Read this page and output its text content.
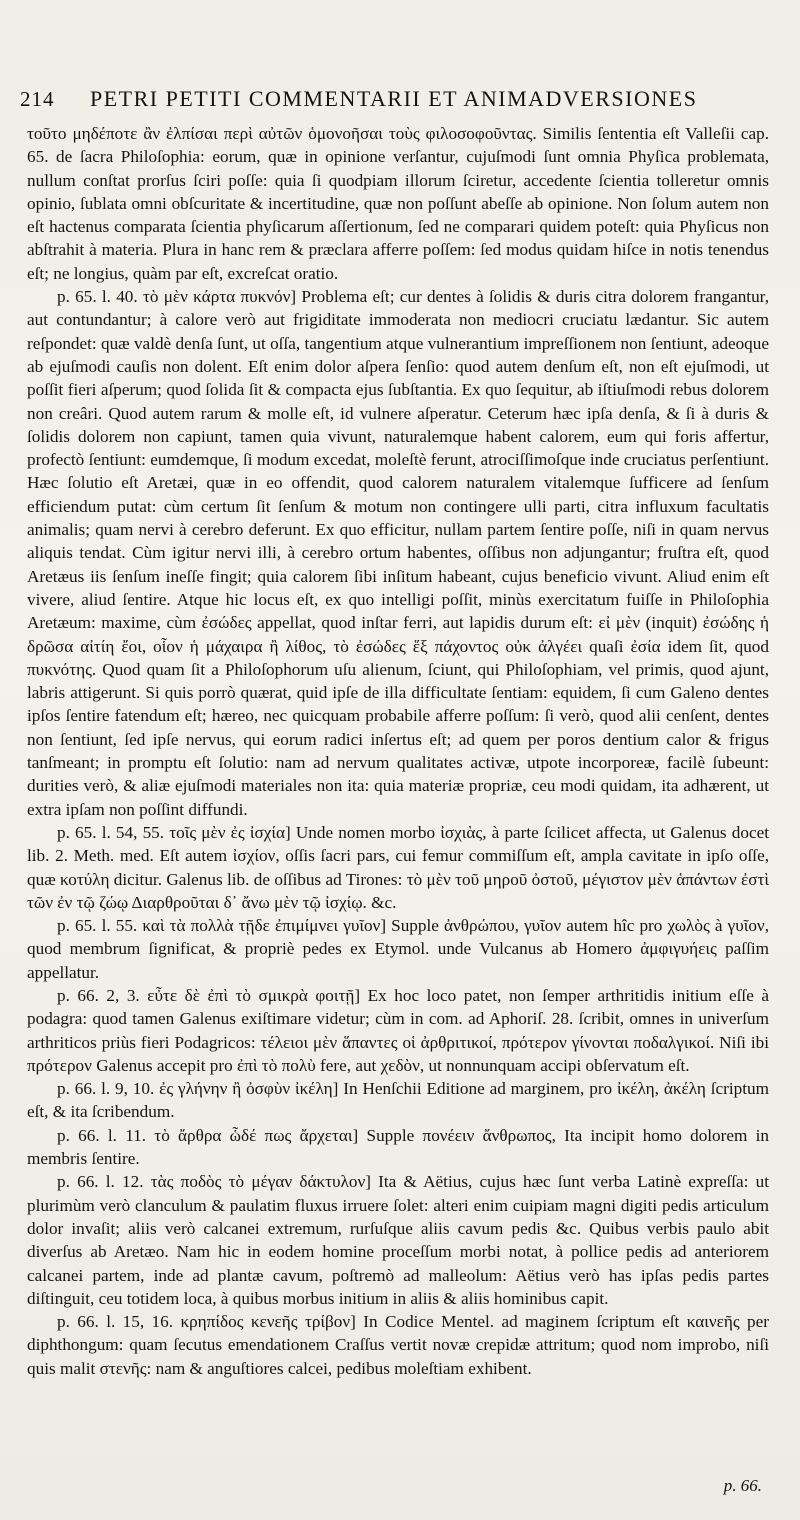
214	PETRI PETITI COMMENTARII ET ANIMADVERSIONES

τοῦτο μηδέποτε ἂν ἐλπίσαι περὶ αὐτῶν ὁμονοῆσαι τοὺς φιλοσοφοῦντας. Similis ſententia eſt Valleſii cap. 65. de ſacra Philoſophia: eorum, quæ in opinione verſantur, cujuſmodi ſunt omnia Phyſica problemata, nullum conſtat prorſus ſciri poſſe: quia ſi quodpiam illorum ſciretur, accedente ſcientia tolleretur omnis opinio, ſublata omni obſcuritate & incertitudine, quæ non poſſunt abeſſe ab opinione. Non ſolum autem non eſt hactenus comparata ſcientia phyſicarum aſſertionum, ſed ne comparari quidem poteſt: quia Phyſicus non abſtrahit à materia. Plura in hanc rem & præclara afferre poſſem: ſed modus quidam hiſce in notis tenendus eſt; ne longius, quàm par eſt, excreſcat oratio.

p. 65. l. 40. τὸ μὲν κάρτα πυκνόν] Problema eſt; cur dentes à ſolidis & duris citra dolorem frangantur, aut contundantur; à calore verò aut frigiditate immoderata non mediocri cruciatu lædantur. Sic autem reſpondet: quæ valdè denſa ſunt, ut oſſa, tangentium atque vulnerantium impreſſionem non ſentiunt, adeoque ab ejuſmodi cauſis non dolent. Eſt enim dolor aſpera ſenſio: quod autem denſum eſt, non eſt ejuſmodi, ut poſſit fieri aſperum; quod ſolida ſit & compacta ejus ſubſtantia. Ex quo ſequitur, ab iſtiuſmodi rebus dolorem non creâri. Quod autem rarum & molle eſt, id vulnere aſperatur. Ceterum hæc ipſa denſa, & ſi à duris & ſolidis dolorem non capiunt, tamen quia vivunt, naturalemque habent calorem, eum qui foris affertur, profectò ſentiunt: eumdemque, ſi modum excedat, moleſtè ferunt, atrociſſimoſque inde cruciatus perſentiunt. Hæc ſolutio eſt Aretæi, quæ in eo offendit, quod calorem naturalem vitalemque ſufficere ad ſenſum efficiendum putat: cùm certum ſit ſenſum & motum non contingere ulli parti, citra influxum facultatis animalis; quam nervi à cerebro deferunt. Ex quo efficitur, nullam partem ſentire poſſe, niſi in quam nervus aliquis tendat. Cùm igitur nervi illi, à cerebro ortum habentes, oſſibus non adjungantur; fruſtra eſt, quod Aretæus iis ſenſum ineſſe fingit; quia calorem ſibi inſitum habeant, cujus beneficio vivunt. Aliud enim eſt vivere, aliud ſentire. Atque hic locus eſt, ex quo intelligi poſſit, minùs exercitatum fuiſſe in Philoſophia Aretæum: maxime, cùm ἐσώδες appellat, quod inſtar ferri, aut lapidis durum eſt: εἰ μὲν (inquit) ἐσώδης ἡ δρῶσα αἰτίη ἔοι, οἷον ἡ μάχαιρα ἢ λίθος, τὸ ἐσώδες ἕξ πάχοντος οὐκ ἀλγέει quaſi ἐσία idem ſit, quod πυκνότης. Quod quam ſit a Philoſophorum uſu alienum, ſciunt, qui Philoſophiam, vel primis, quod ajunt, labris attigerunt. Si quis porrò quærat, quid ipſe de illa difficultate ſentiam: equidem, ſi cum Galeno dentes ipſos ſentire fatendum eſt; hæreo, nec quicquam probabile afferre poſſum: ſi verò, quod alii cenſent, dentes non ſentiunt, ſed ipſe nervus, qui eorum radici inſertus eſt; ad quem per poros dentium calor & frigus tanſmeant; in promptu eſt ſolutio: nam ad nervum qualitates activæ, utpote incorporeæ, facilè ſubeunt: durities verò, & aliæ ejuſmodi materiales non ita: quia materiæ propriæ, ceu modi quidam, ita adhærent, ut extra ipſam non poſſint diffundi.

p. 65. l. 54, 55. τοῖς μὲν ἐς ἰσχία] Unde nomen morbo ἰσχιὰς, à parte ſcilicet affecta, ut Galenus docet lib. 2. Meth. med. Eſt autem ἰσχίον, oſſis ſacri pars, cui femur commiſſum eſt, ampla cavitate in ipſo oſſe, quæ κοτύλη dicitur. Galenus lib. de oſſibus ad Tirones: τὸ μὲν τοῦ μηροῦ ὀστοῦ, μέγιστον μὲν ἁπάντων ἐστὶ τῶν ἐν τῷ ζώῳ Διαρθροῦται δ᾽ ἄνω μὲν τῷ ἰσχίῳ. &c.

p. 65. l. 55. καὶ τὰ πολλὰ τῇδε ἐπιμίμνει γυῖον] Supple ἀνθρώπου, γυῖον autem hîc pro χωλὸς à γυῖον, quod membrum ſignificat, & propriè pedes ex Etymol. unde Vulcanus ab Homero ἀμφιγυήεις paſſim appellatur.

p. 66. 2, 3. εὖτε δὲ ἐπὶ τὸ σμικρὰ φοιτῇ] Ex hoc loco patet, non ſemper arthritidis initium eſſe à podagra: quod tamen Galenus exiſtimare videtur; cùm in com. ad Aphoriſ. 28. ſcribit, omnes in univerſum arthriticos priùs fieri Podagricos: τέλειοι μὲν ἅπαντες οἱ ἀρθριτικοί, πρότερον γίνονται ποδαλγικοί. Niſi ibi πρότερον Galenus accepit pro ἐπὶ τὸ πολὺ fere, aut χεδὸν, ut nonnunquam accipi obſervatum eſt.

p. 66. l. 9, 10. ἐς γλήνην ἢ ὀσφὺν ἰκέλη] In Henſchii Editione ad marginem, pro ἰκέλη, ἀκέλη ſcriptum eſt, & ita ſcribendum.

p. 66. l. 11. τὸ ἄρθρα ὧδέ πως ἄρχεται] Supple πονέειν ἄνθρωπος, Ita incipit homo dolorem in membris ſentire.

p. 66. l. 12. τὰς ποδὸς τὸ μέγαν δάκτυλον] Ita & Aëtius, cujus hæc ſunt verba Latinè expreſſa: ut plurimùm verò clanculum & paulatim fluxus irruere ſolet: alteri enim cuipiam magni digiti pedis articulum dolor invaſit; aliis verò calcanei extremum, rurſuſque aliis cavum pedis &c. Quibus verbis paulo abit diverſus ab Aretæo. Nam hic in eodem homine proceſſum morbi notat, à pollice pedis ad anteriorem calcanei partem, inde ad plantæ cavum, poſtremò ad malleolum: Aëtius verò has ipſas pedis partes diſtinguit, ceu totidem loca, à quibus morbus initium in aliis & aliis hominibus capit.

p. 66. l. 15, 16. κρηπίδος κενεῆς τρίβον] In Codice Mentel. ad maginem ſcriptum eſt καινεῆς per diphthongum: quam ſecutus emendationem Craſſus vertit novæ crepidæ attritum; quod nom improbo, niſi quis malit στενῆς: nam & anguſtiores calcei, pedibus moleſtiam exhibent.

p. 66.
